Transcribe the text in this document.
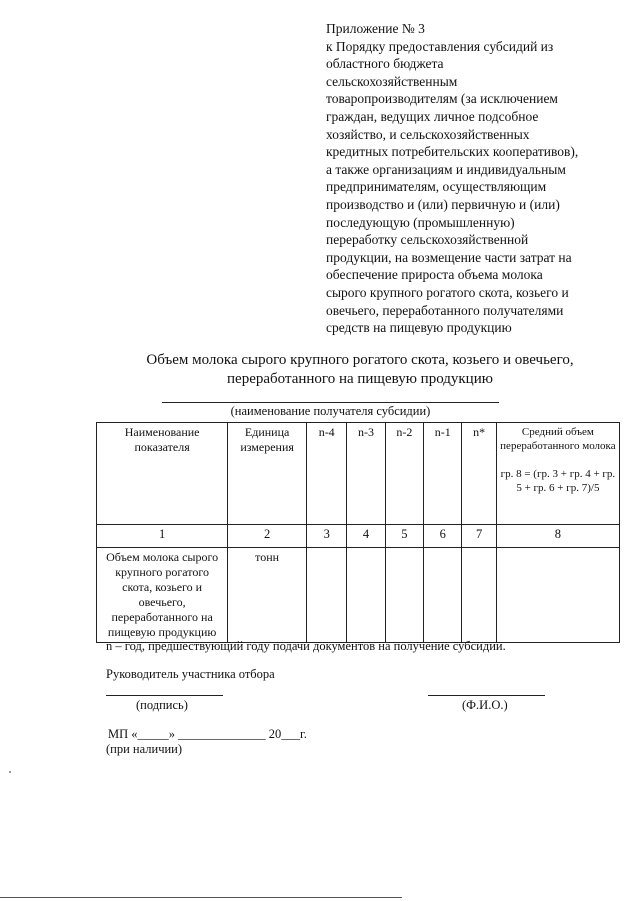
Приложение № 3
к Порядку предоставления субсидий из
областного бюджета
сельскохозяйственным
товаропроизводителям (за исключением
граждан, ведущих личное подсобное
хозяйство, и сельскохозяйственных
кредитных потребительских кооперативов),
а также организациям и индивидуальным
предпринимателям, осуществляющим
производство и (или) первичную и (или)
последующую (промышленную)
переработку сельскохозяйственной
продукции, на возмещение части затрат на
обеспечение прироста объема молока
сырого крупного рогатого скота, козьего и
овечьего, переработанного получателями
средств на пищевую продукцию
Объем молока сырого крупного рогатого скота, козьего и овечьего,
переработанного на пищевую продукцию
(наименование получателя субсидии)
Наименование показателя	Единица измерения	n-4	n-3	n-2	n-1	n*	Средний объем переработанного молока
гр. 8 = (гр. 3 + гр. 4 + гр. 5 + гр. 6 + гр. 7)/5

1	2	3	4	5	6	7	8
Объем молока сырого крупного рогатого скота, козьего и овечьего, переработанного на пищевую продукцию	тонн						
n – год, предшествующий году подачи документов на получение субсидии.
Руководитель участника отбора
(подпись)	(Ф.И.О.)
МП «_____» ______________ 20___г.
(при наличии)
